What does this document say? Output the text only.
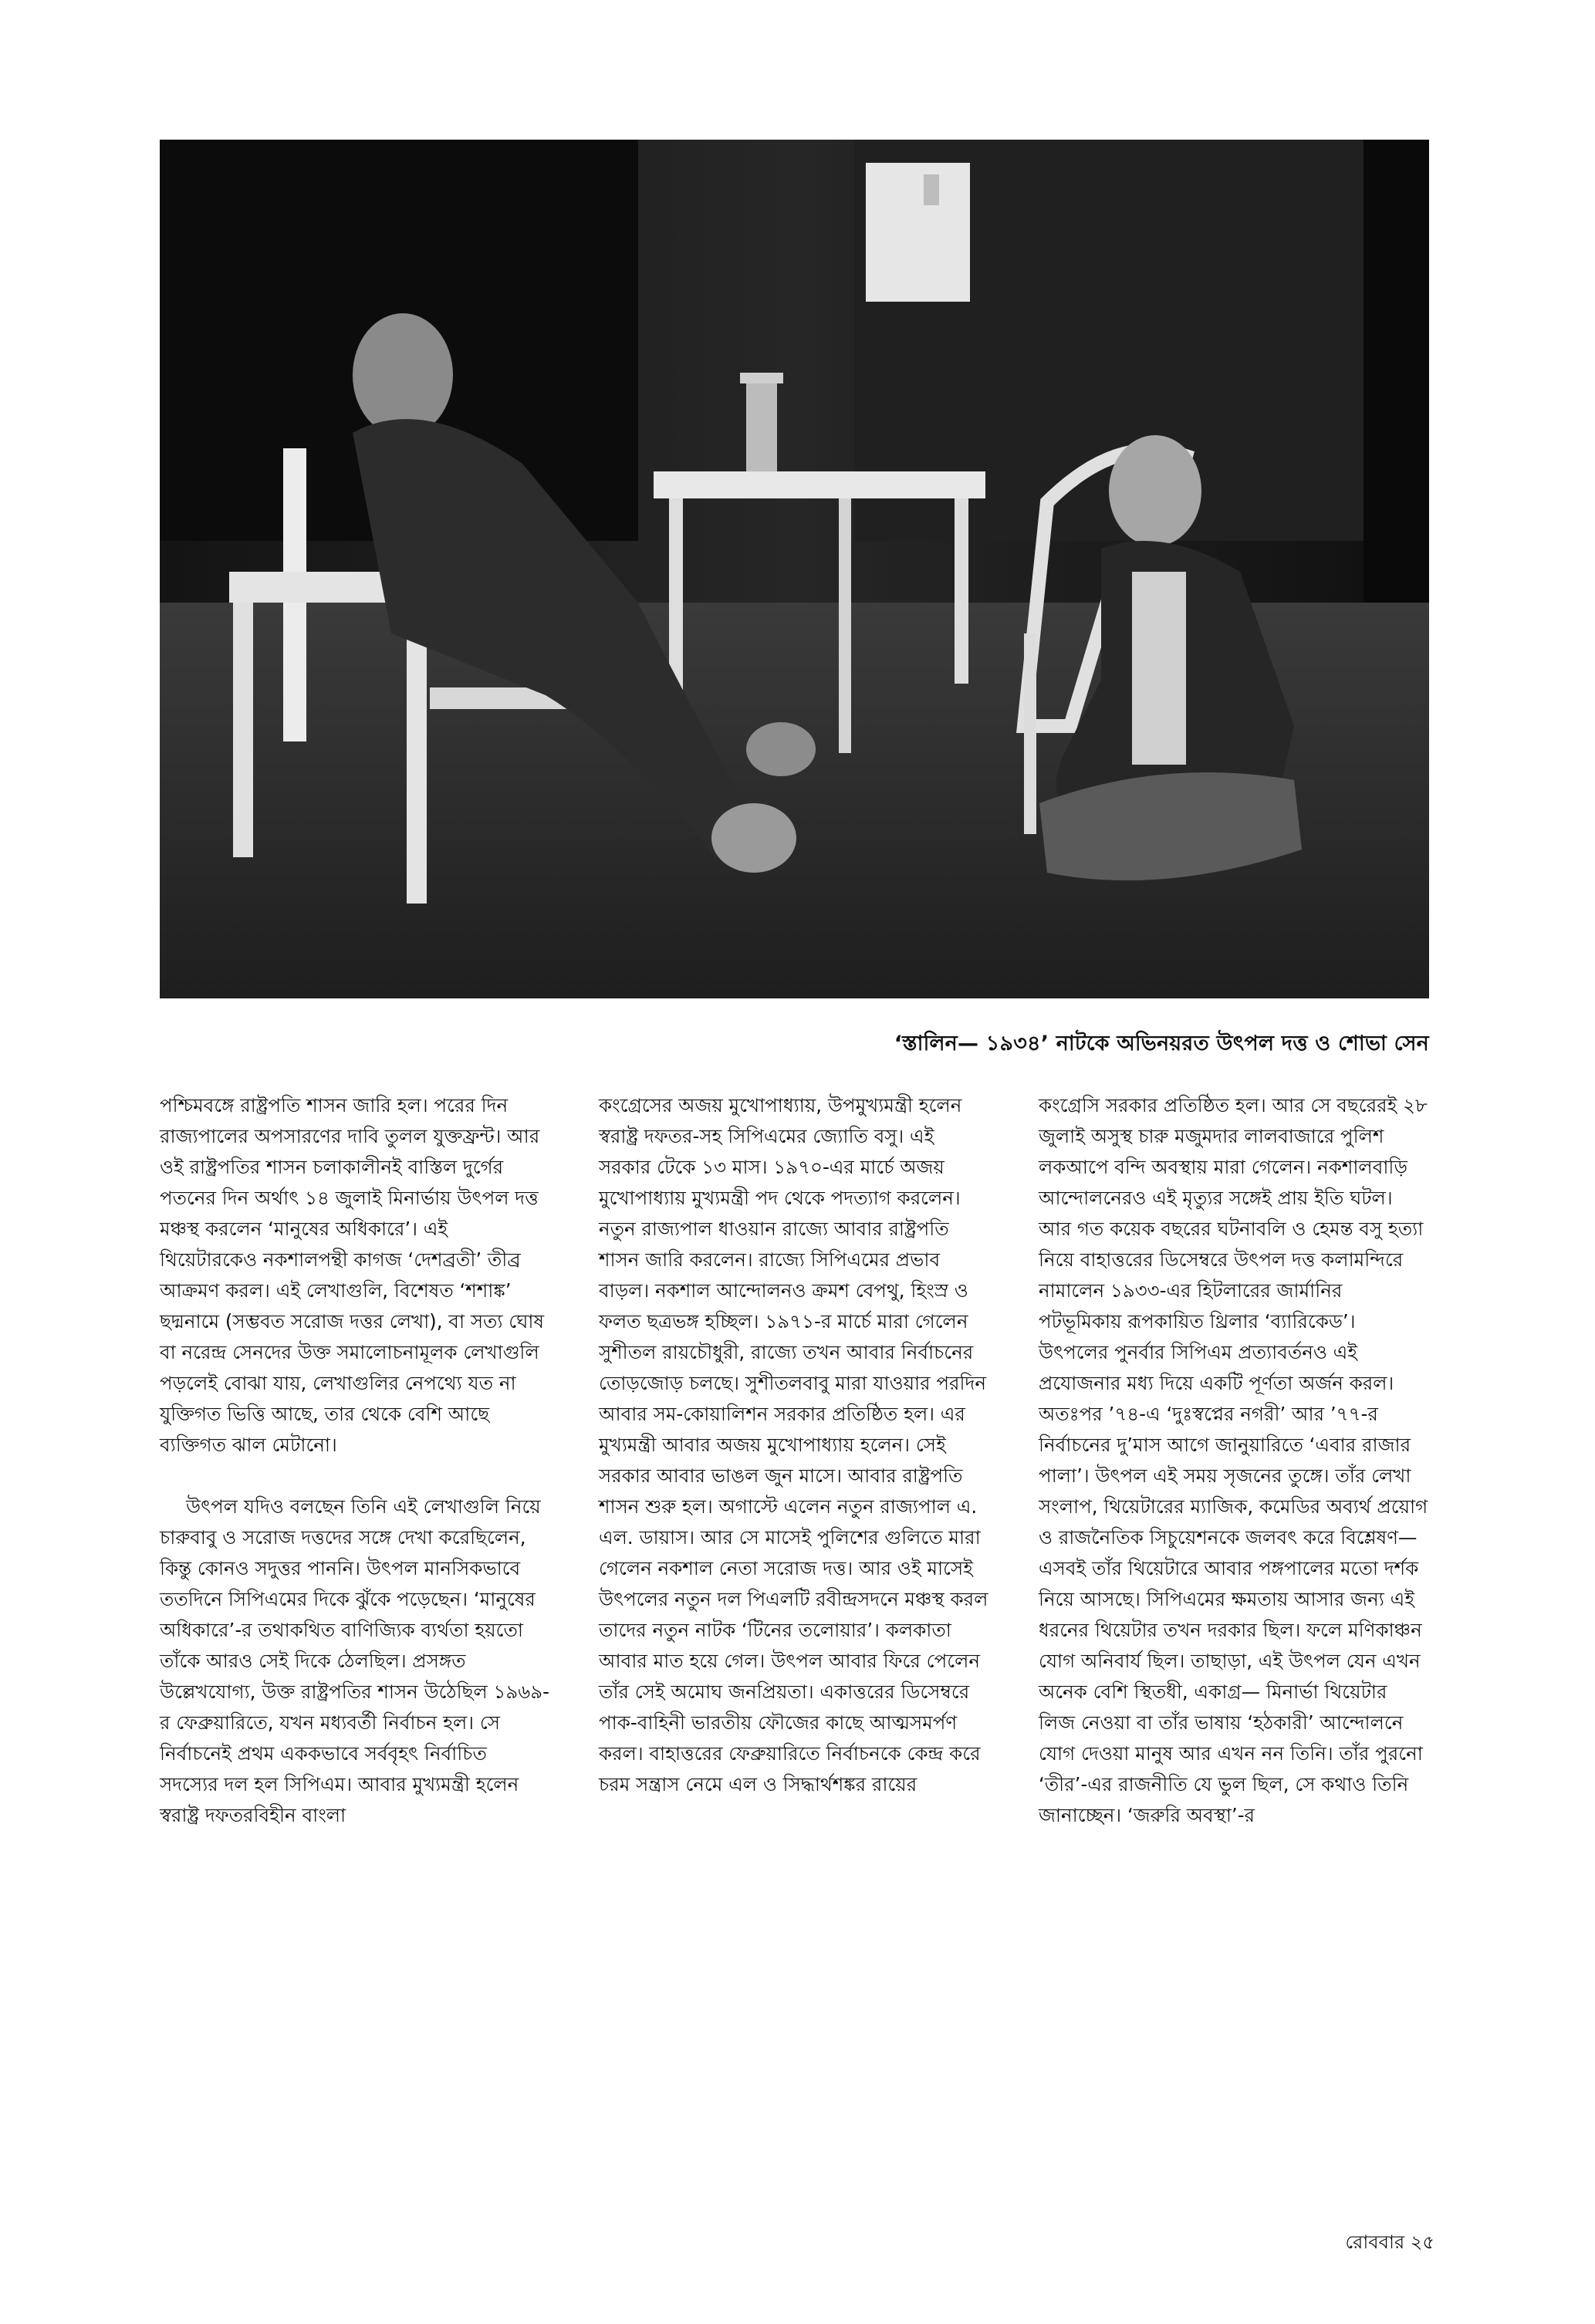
‘স্তালিন— ১৯৩৪’ নাটকে অভিনয়রত উৎপল দত্ত ও শোভা সেন

পশ্চিমবঙ্গে রাষ্ট্রপতি শাসন জারি হল। পরের দিন রাজ্যপালের অপসারণের দাবি তুলল যুক্তফ্রন্ট। আর ওই রাষ্ট্রপতির শাসন চলাকালীনই বাস্তিল দুর্গের পতনের দিন অর্থাৎ ১৪ জুলাই মিনার্ভায় উৎপল দত্ত মঞ্চস্থ করলেন ‘মানুষের অধিকারে’। এই থিয়েটারকেও নকশালপন্থী কাগজ ‘দেশব্রতী’ তীব্র আক্রমণ করল। এই লেখাগুলি, বিশেষত ‘শশাঙ্ক’ ছদ্মনামে (সম্ভবত সরোজ দত্তর লেখা), বা সত্য ঘোষ বা নরেন্দ্র সেনদের উক্ত সমালোচনামূলক লেখাগুলি পড়লেই বোঝা যায়, লেখাগুলির নেপথ্যে যত না যুক্তিগত ভিত্তি আছে, তার থেকে বেশি আছে ব্যক্তিগত ঝাল মেটানো।

উৎপল যদিও বলছেন তিনি এই লেখাগুলি নিয়ে চারুবাবু ও সরোজ দত্তদের সঙ্গে দেখা করেছিলেন, কিন্তু কোনও সদুত্তর পাননি। উৎপল মানসিকভাবে ততদিনে সিপিএমের দিকে ঝুঁকে পড়েছেন। ‘মানুষের অধিকারে’-র তথাকথিত বাণিজ্যিক ব্যর্থতা হয়তো তাঁকে আরও সেই দিকে ঠেলছিল। প্রসঙ্গত উল্লেখযোগ্য, উক্ত রাষ্ট্রপতির শাসন উঠেছিল ১৯৬৯-র ফেব্রুয়ারিতে, যখন মধ্যবর্তী নির্বাচন হল। সে নির্বাচনেই প্রথম এককভাবে সর্ববৃহৎ নির্বাচিত সদস্যের দল হল সিপিএম। আবার মুখ্যমন্ত্রী হলেন স্বরাষ্ট্র দফতরবিহীন বাংলা

কংগ্রেসের অজয় মুখোপাধ্যায়, উপমুখ্যমন্ত্রী হলেন স্বরাষ্ট্র দফতর-সহ সিপিএমের জ্যোতি বসু। এই সরকার টেকে ১৩ মাস। ১৯৭০-এর মার্চে অজয় মুখোপাধ্যায় মুখ্যমন্ত্রী পদ থেকে পদত্যাগ করলেন। নতুন রাজ্যপাল ধাওয়ান রাজ্যে আবার রাষ্ট্রপতি শাসন জারি করলেন। রাজ্যে সিপিএমের প্রভাব বাড়ল। নকশাল আন্দোলনও ক্রমশ বেপথু, হিংস্র ও ফলত ছত্রভঙ্গ হচ্ছিল। ১৯৭১-র মার্চে মারা গেলেন সুশীতল রায়চৌধুরী, রাজ্যে তখন আবার নির্বাচনের তোড়জোড় চলছে। সুশীতলবাবু মারা যাওয়ার পরদিন আবার সম-কোয়ালিশন সরকার প্রতিষ্ঠিত হল। এর মুখ্যমন্ত্রী আবার অজয় মুখোপাধ্যায় হলেন। সেই সরকার আবার ভাঙল জুন মাসে। আবার রাষ্ট্রপতি শাসন শুরু হল। অগাস্টে এলেন নতুন রাজ্যপাল এ. এল. ডায়াস। আর সে মাসেই পুলিশের গুলিতে মারা গেলেন নকশাল নেতা সরোজ দত্ত। আর ওই মাসেই উৎপলের নতুন দল পিএলটি রবীন্দ্রসদনে মঞ্চস্থ করল তাদের নতুন নাটক ‘টিনের তলোয়ার’। কলকাতা আবার মাত হয়ে গেল। উৎপল আবার ফিরে পেলেন তাঁর সেই অমোঘ জনপ্রিয়তা। একাত্তরের ডিসেম্বরে পাক-বাহিনী ভারতীয় ফৌজের কাছে আত্মসমর্পণ করল। বাহাত্তরের ফেব্রুয়ারিতে নির্বাচনকে কেন্দ্র করে চরম সন্ত্রাস নেমে এল ও সিদ্ধার্থশঙ্কর রায়ের

কংগ্রেসি সরকার প্রতিষ্ঠিত হল। আর সে বছরেরই ২৮ জুলাই অসুস্থ চারু মজুমদার লালবাজারে পুলিশ লকআপে বন্দি অবস্থায় মারা গেলেন। নকশালবাড়ি আন্দোলনেরও এই মৃত্যুর সঙ্গেই প্রায় ইতি ঘটল। আর গত কয়েক বছরের ঘটনাবলি ও হেমন্ত বসু হত্যা নিয়ে বাহাত্তরের ডিসেম্বরে উৎপল দত্ত কলামন্দিরে নামালেন ১৯৩৩-এর হিটলারের জার্মানির পটভূমিকায় রূপকায়িত থ্রিলার ‘ব্যারিকেড’। উৎপলের পুনর্বার সিপিএম প্রত্যাবর্তনও এই প্রযোজনার মধ্য দিয়ে একটি পূর্ণতা অর্জন করল। অতঃপর ’৭৪-এ ‘দুঃস্বপ্নের নগরী’ আর ’৭৭-র নির্বাচনের দু’মাস আগে জানুয়ারিতে ‘এবার রাজার পালা’। উৎপল এই সময় সৃজনের তুঙ্গে। তাঁর লেখা সংলাপ, থিয়েটারের ম্যাজিক, কমেডির অব্যর্থ প্রয়োগ ও রাজনৈতিক সিচুয়েশনকে জলবৎ করে বিশ্লেষণ— এসবই তাঁর থিয়েটারে আবার পঙ্গপালের মতো দর্শক নিয়ে আসছে। সিপিএমের ক্ষমতায় আসার জন্য এই ধরনের থিয়েটার তখন দরকার ছিল। ফলে মণিকাঞ্চন যোগ অনিবার্য ছিল। তাছাড়া, এই উৎপল যেন এখন অনেক বেশি স্থিতধী, একাগ্র— মিনার্ভা থিয়েটার লিজ নেওয়া বা তাঁর ভাষায় ‘হঠকারী’ আন্দোলনে যোগ দেওয়া মানুষ আর এখন নন তিনি। তাঁর পুরনো ‘তীর’-এর রাজনীতি যে ভুল ছিল, সে কথাও তিনি জানাচ্ছেন। ‘জরুরি অবস্থা’-র

রোববার ২৫
